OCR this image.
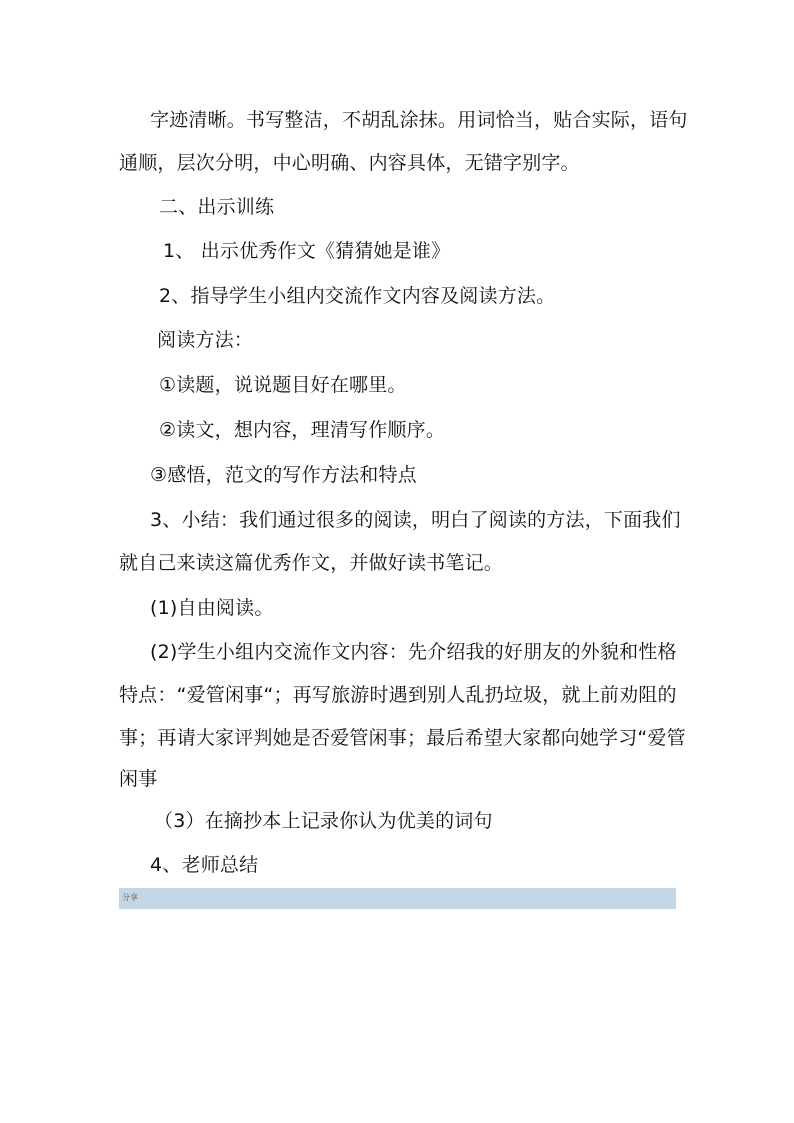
字迹清晰。书写整洁，不胡乱涂抹。用词恰当，贴合实际，语句
通顺，层次分明，中心明确、内容具体，无错字别字。
二、出示训练
1、 出示优秀作文《猜猜她是谁》
2、指导学生小组内交流作文内容及阅读方法。
阅读方法：
①读题，说说题目好在哪里。
②读文，想内容，理清写作顺序。
③感悟，范文的写作方法和特点
3、小结：我们通过很多的阅读，明白了阅读的方法，下面我们
就自己来读这篇优秀作文，并做好读书笔记。
(1)自由阅读。
(2)学生小组内交流作文内容：先介绍我的好朋友的外貌和性格
特点：“爱管闲事“；再写旅游时遇到别人乱扔垃圾，就上前劝阻的
事；再请大家评判她是否爱管闲事；最后希望大家都向她学习“爱管
闲事
（3）在摘抄本上记录你认为优美的词句
4、老师总结
分享
